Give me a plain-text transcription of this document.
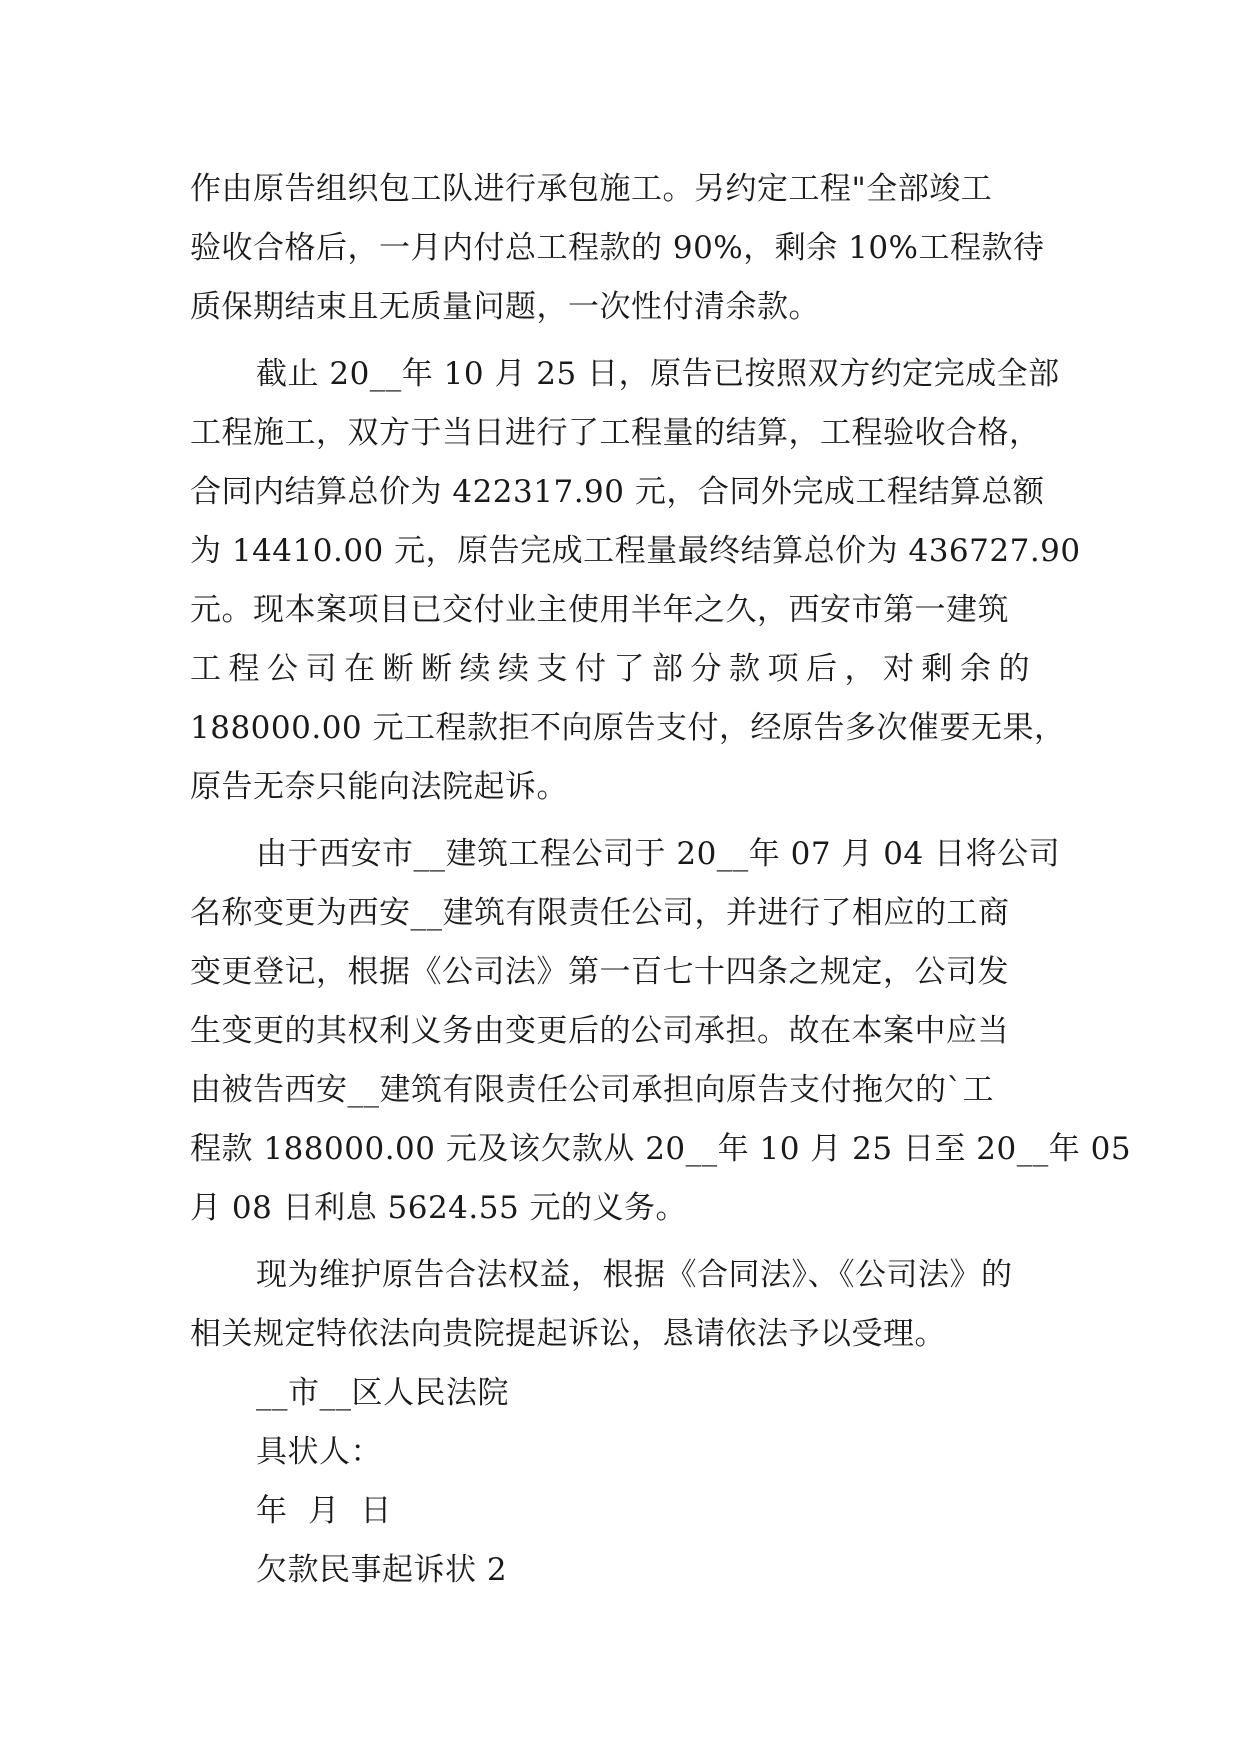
作由原告组织包工队进行承包施工。另约定工程"全部竣工
验收合格后，一月内付总工程款的 90%，剩余 10%工程款待
质保期结束且无质量问题，一次性付清余款。
截止 20__年 10 月 25 日，原告已按照双方约定完成全部
工程施工，双方于当日进行了工程量的结算，工程验收合格，
合同内结算总价为 422317.90 元，合同外完成工程结算总额
为 14410.00 元，原告完成工程量最终结算总价为 436727.90
元。现本案项目已交付业主使用半年之久，西安市第一建筑
工程公司在断断续续支付了部分款项后，对剩余的
188000.00 元工程款拒不向原告支付，经原告多次催要无果，
原告无奈只能向法院起诉。
由于西安市__建筑工程公司于 20__年 07 月 04 日将公司
名称变更为西安__建筑有限责任公司，并进行了相应的工商
变更登记，根据《公司法》第一百七十四条之规定，公司发
生变更的其权利义务由变更后的公司承担。故在本案中应当
由被告西安__建筑有限责任公司承担向原告支付拖欠的`工
程款 188000.00 元及该欠款从 20__年 10 月 25 日至 20__年 05
月 08 日利息 5624.55 元的义务。
现为维护原告合法权益，根据《合同法》、《公司法》的
相关规定特依法向贵院提起诉讼，恳请依法予以受理。
__市__区人民法院
具状人：
年  月  日
欠款民事起诉状 2
